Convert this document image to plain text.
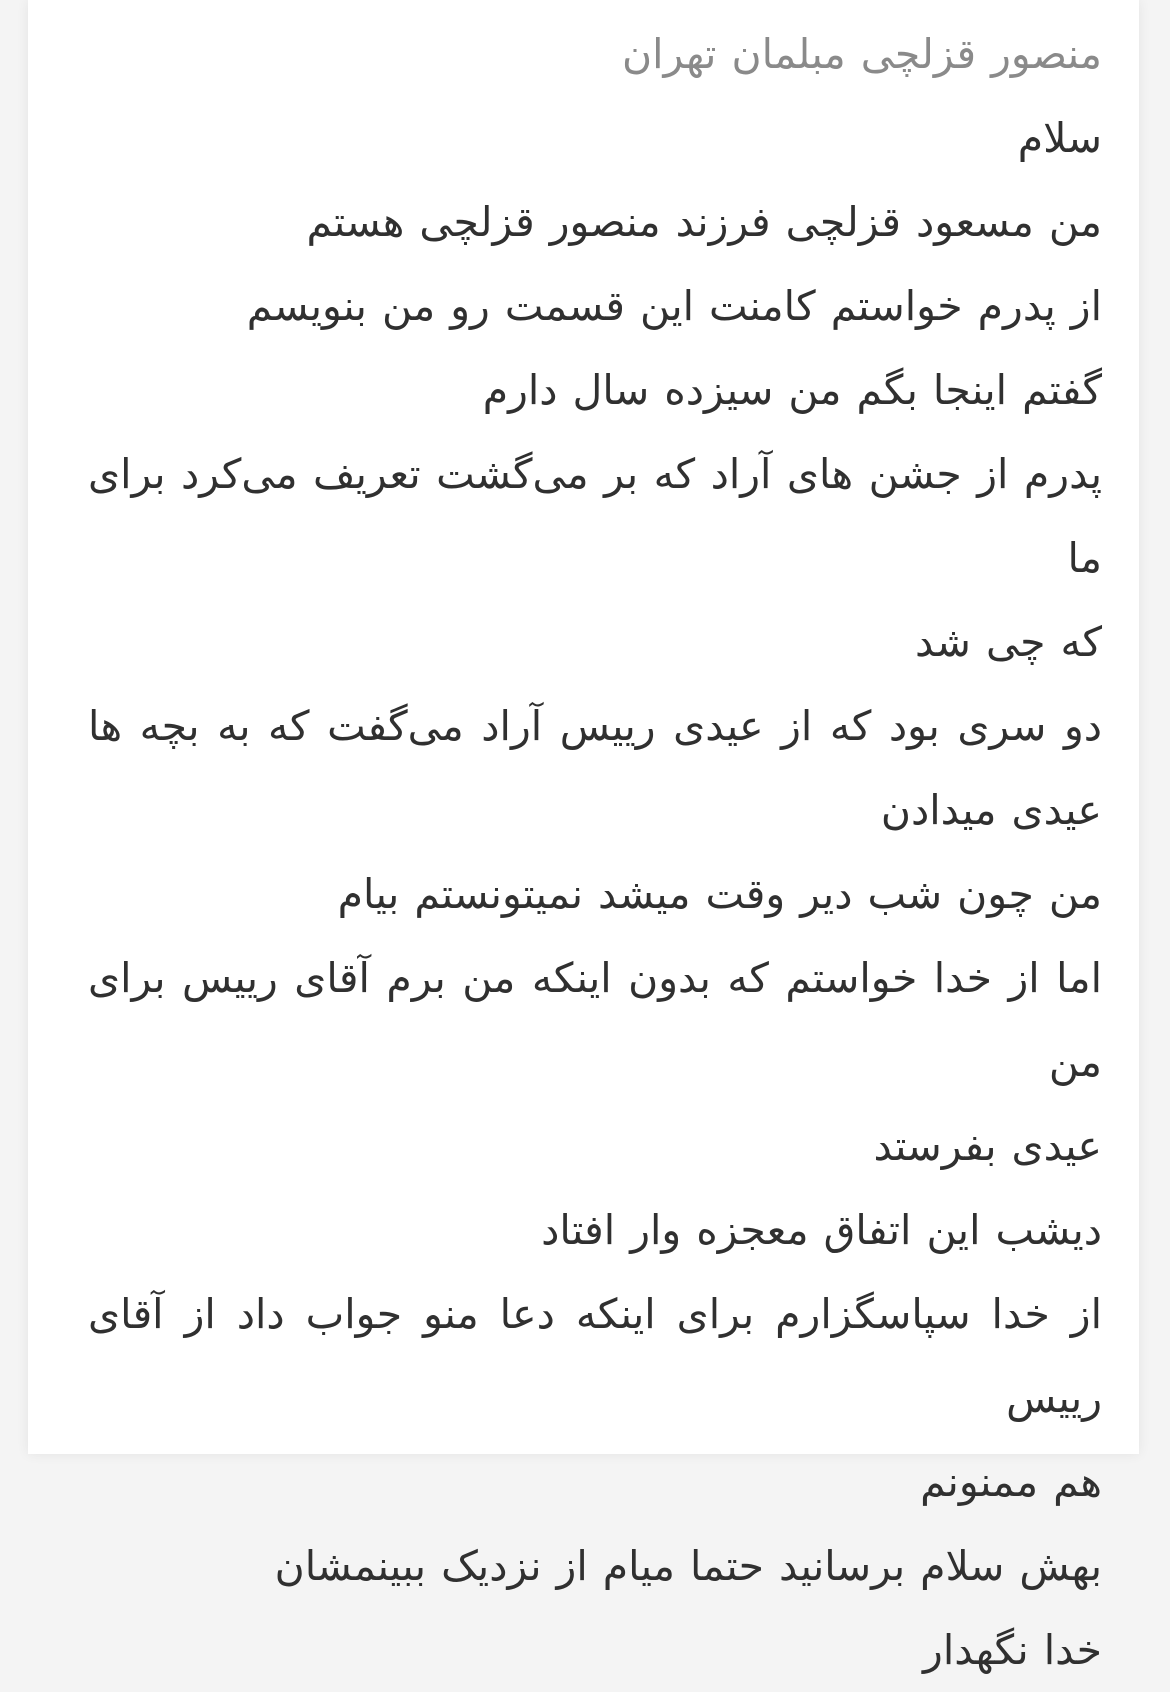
منصور قزلچی مبلمان تهران
سلام
من مسعود قزلچی فرزند منصور قزلچی هستم
از پدرم خواستم کامنت این قسمت رو من بنویسم
گفتم اینجا بگم من سیزده سال دارم
پدرم از جشن های آراد که بر می‌گشت تعریف می‌کرد برای ما
که چی شد
دو سری بود که از عیدی رییس آراد می‌گفت که به بچه ها
عیدی میدادن
من چون شب دیر وقت میشد نمیتونستم بیام
اما از خدا خواستم که بدون اینکه من برم آقای رییس برای من
عیدی بفرستد
دیشب این اتفاق معجزه وار افتاد
از خدا سپاسگزارم برای اینکه دعا منو جواب داد از آقای رییس
هم ممنونم
بهش سلام برسانید حتما میام از نزدیک ببینمشان
خدا نگهدار
